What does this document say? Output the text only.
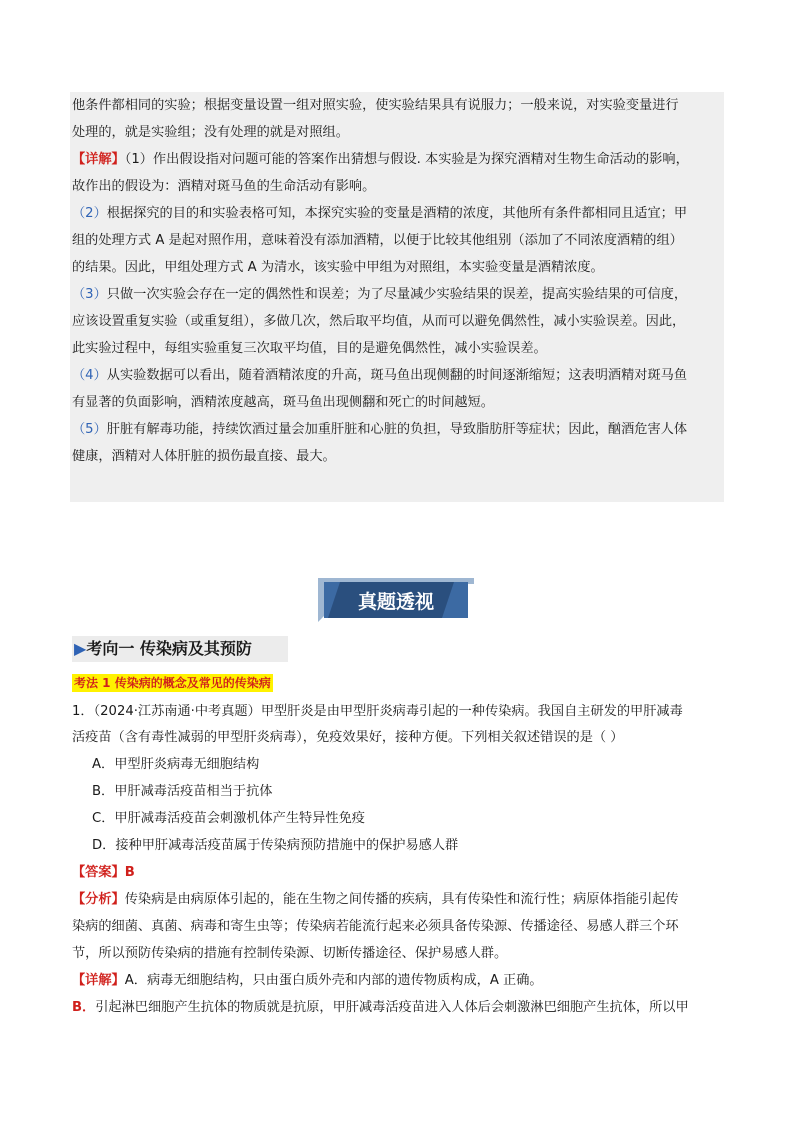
他条件都相同的实验；根据变量设置一组对照实验，使实验结果具有说服力；一般来说，对实验变量进行

处理的，就是实验组；没有处理的就是对照组。

【详解】（1）作出假设指对问题可能的答案作出猜想与假设. 本实验是为探究酒精对生物生命活动的影响，

故作出的假设为：酒精对斑马鱼的生命活动有影响。

（2）根据探究的目的和实验表格可知，本探究实验的变量是酒精的浓度，其他所有条件都相同且适宜；甲

组的处理方式 A 是起对照作用，意味着没有添加酒精，以便于比较其他组别（添加了不同浓度酒精的组）

的结果。因此，甲组处理方式 A 为清水，该实验中甲组为对照组，本实验变量是酒精浓度。

（3）只做一次实验会存在一定的偶然性和误差；为了尽量减少实验结果的误差，提高实验结果的可信度，

应该设置重复实验（或重复组），多做几次，然后取平均值，从而可以避免偶然性，减小实验误差。因此，

此实验过程中，每组实验重复三次取平均值，目的是避免偶然性，减小实验误差。

（4）从实验数据可以看出，随着酒精浓度的升高，斑马鱼出现侧翻的时间逐渐缩短；这表明酒精对斑马鱼

有显著的负面影响，酒精浓度越高，斑马鱼出现侧翻和死亡的时间越短。

（5）肝脏有解毒功能，持续饮酒过量会加重肝脏和心脏的负担，导致脂肪肝等症状；因此，酗酒危害人体

健康，酒精对人体肝脏的损伤最直接、最大。

真题透视
▶考向一 传染病及其预防
考法 1 传染病的概念及常见的传染病

1．（2024·江苏南通·中考真题）甲型肝炎是由甲型肝炎病毒引起的一种传染病。我国自主研发的甲肝减毒

活疫苗（含有毒性减弱的甲型肝炎病毒），免疫效果好，接种方便。下列相关叙述错误的是（ ）

A．甲型肝炎病毒无细胞结构

B．甲肝减毒活疫苗相当于抗体

C．甲肝减毒活疫苗会刺激机体产生特异性免疫

D．接种甲肝减毒活疫苗属于传染病预防措施中的保护易感人群

【答案】B

【分析】传染病是由病原体引起的，能在生物之间传播的疾病，具有传染性和流行性；病原体指能引起传

染病的细菌、真菌、病毒和寄生虫等；传染病若能流行起来必须具备传染源、传播途径、易感人群三个环

节，所以预防传染病的措施有控制传染源、切断传播途径、保护易感人群。

【详解】A．病毒无细胞结构，只由蛋白质外壳和内部的遗传物质构成，A 正确。

B．引起淋巴细胞产生抗体的物质就是抗原，甲肝减毒活疫苗进入人体后会刺激淋巴细胞产生抗体，所以甲
